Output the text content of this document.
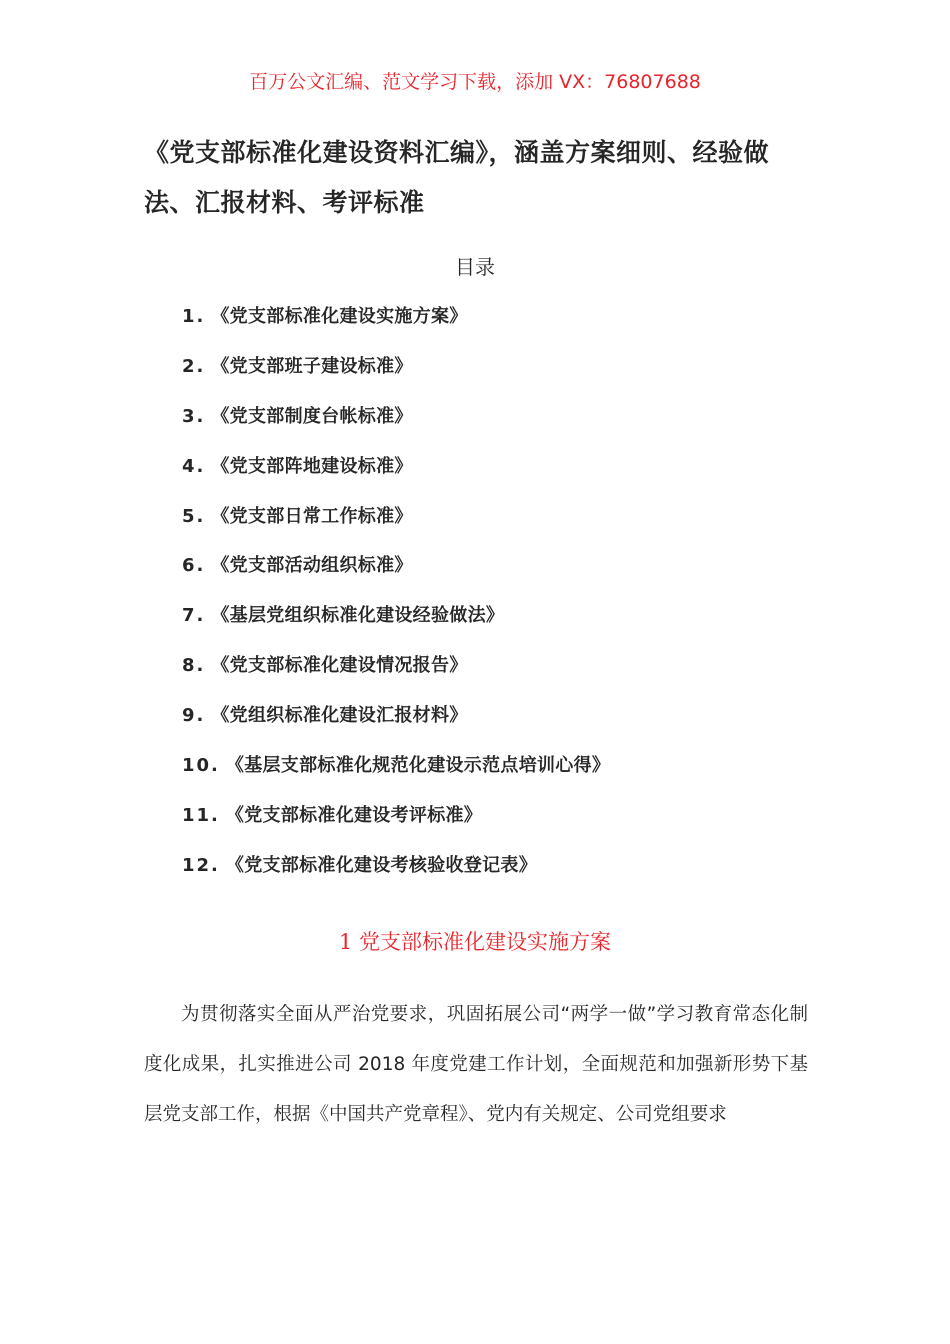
百万公文汇编、范文学习下载，添加 VX：76807688
《党支部标准化建设资料汇编》，涵盖方案细则、经验做法、汇报材料、考评标准
目录
1. 《党支部标准化建设实施方案》
2. 《党支部班子建设标准》
3. 《党支部制度台帐标准》
4. 《党支部阵地建设标准》
5. 《党支部日常工作标准》
6. 《党支部活动组织标准》
7. 《基层党组织标准化建设经验做法》
8. 《党支部标准化建设情况报告》
9. 《党组织标准化建设汇报材料》
10. 《基层支部标准化规范化建设示范点培训心得》
11. 《党支部标准化建设考评标准》
12. 《党支部标准化建设考核验收登记表》
1 党支部标准化建设实施方案

为贯彻落实全面从严治党要求，巩固拓展公司“两学一做”学习教育常态化制度化成果，扎实推进公司 2018 年度党建工作计划，全面规范和加强新形势下基层党支部工作，根据《中国共产党章程》、党内有关规定、公司党组要求
